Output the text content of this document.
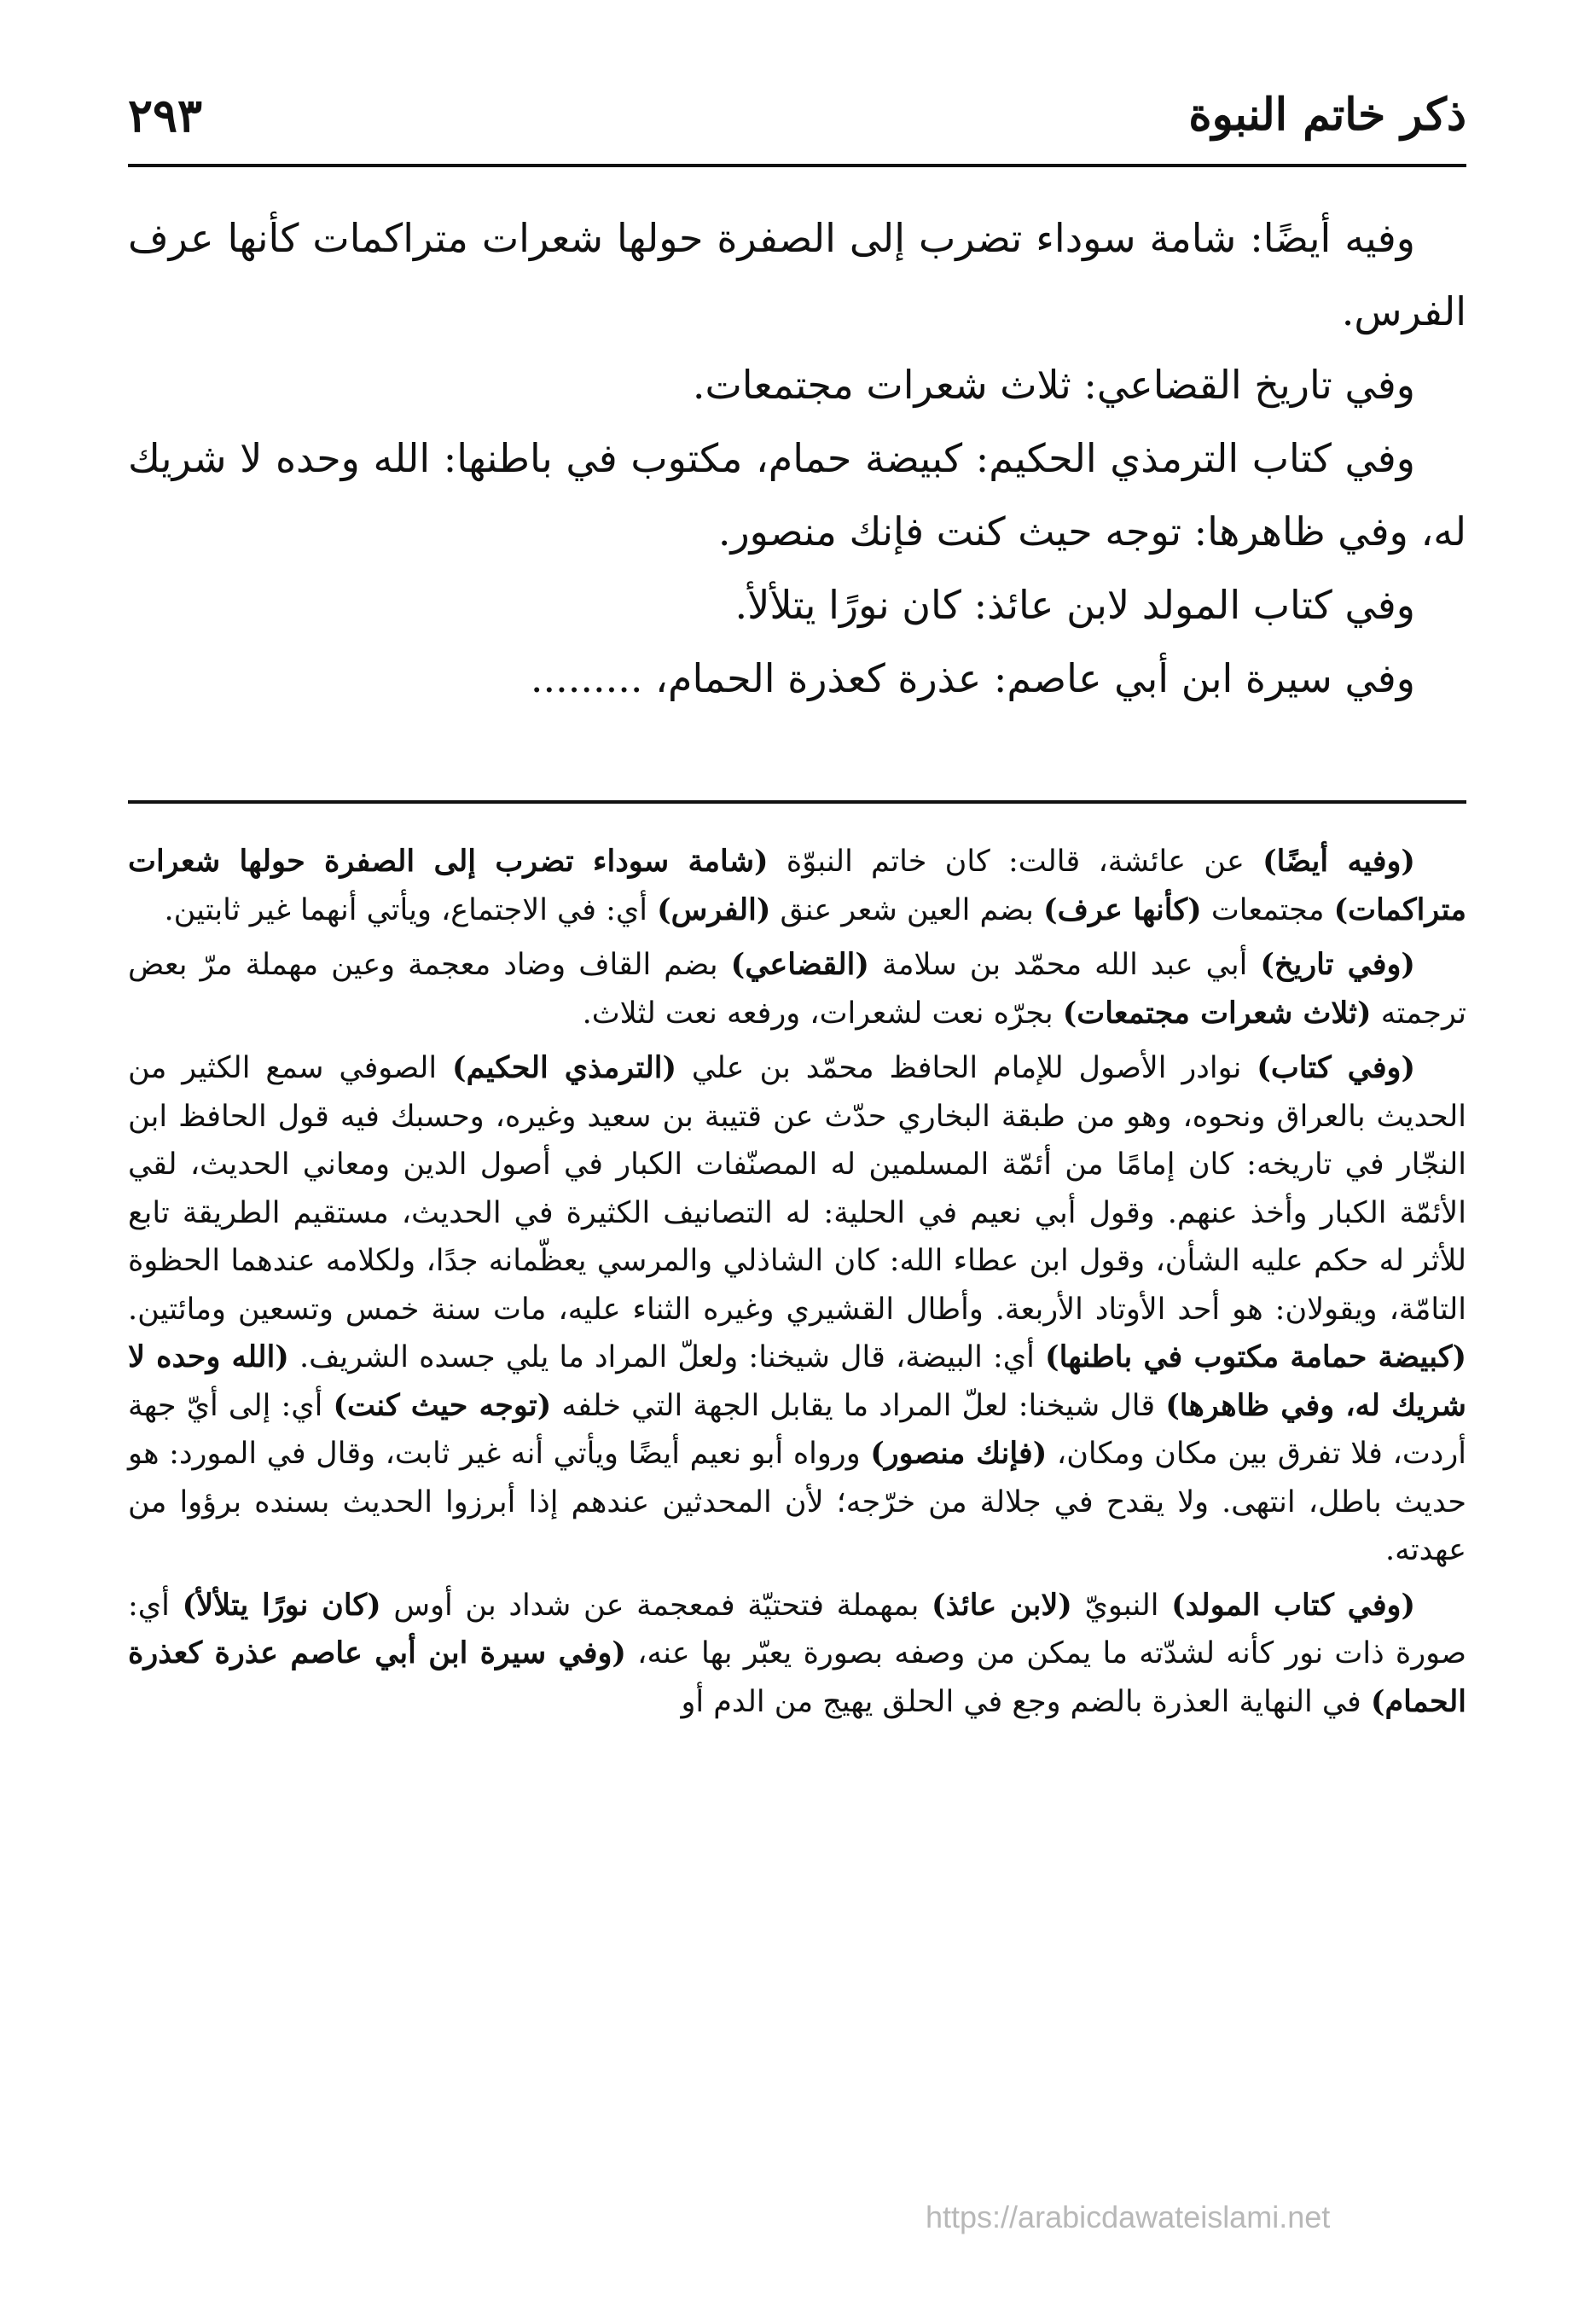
ذكر خاتم النبوة
٢٩٣

وفيه أيضًا: شامة سوداء تضرب إلى الصفرة حولها شعرات متراكمات كأنها عرف الفرس.

وفي تاريخ القضاعي: ثلاث شعرات مجتمعات.

وفي كتاب الترمذي الحكيم: كبيضة حمام، مكتوب في باطنها: الله وحده لا شريك له، وفي ظاهرها: توجه حيث كنت فإنك منصور.

وفي كتاب المولد لابن عائذ: كان نورًا يتلألأ.

وفي سيرة ابن أبي عاصم: عذرة كعذرة الحمام، .........

(وفيه أيضًا) عن عائشة، قالت: كان خاتم النبوّة (شامة سوداء تضرب إلى الصفرة حولها شعرات متراكمات) مجتمعات (كأنها عرف) بضم العين شعر عنق (الفرس) أي: في الاجتماع، ويأتي أنهما غير ثابتين.

(وفي تاريخ) أبي عبد الله محمّد بن سلامة (القضاعي) بضم القاف وضاد معجمة وعين مهملة مرّ بعض ترجمته (ثلاث شعرات مجتمعات) بجرّه نعت لشعرات، ورفعه نعت لثلاث.

(وفي كتاب) نوادر الأصول للإمام الحافظ محمّد بن علي (الترمذي الحكيم) الصوفي سمع الكثير من الحديث بالعراق ونحوه، وهو من طبقة البخاري حدّث عن قتيبة بن سعيد وغيره، وحسبك فيه قول الحافظ ابن النجّار في تاريخه: كان إمامًا من أئمّة المسلمين له المصنّفات الكبار في أصول الدين ومعاني الحديث، لقي الأئمّة الكبار وأخذ عنهم. وقول أبي نعيم في الحلية: له التصانيف الكثيرة في الحديث، مستقيم الطريقة تابع للأثر له حكم عليه الشأن، وقول ابن عطاء الله: كان الشاذلي والمرسي يعظّمانه جدًا، ولكلامه عندهما الحظوة التامّة، ويقولان: هو أحد الأوتاد الأربعة. وأطال القشيري وغيره الثناء عليه، مات سنة خمس وتسعين ومائتين. (كبيضة حمامة مكتوب في باطنها) أي: البيضة، قال شيخنا: ولعلّ المراد ما يلي جسده الشريف. (الله وحده لا شريك له، وفي ظاهرها) قال شيخنا: لعلّ المراد ما يقابل الجهة التي خلفه (توجه حيث كنت) أي: إلى أيّ جهة أردت، فلا تفرق بين مكان ومكان، (فإنك منصور) ورواه أبو نعيم أيضًا ويأتي أنه غير ثابت، وقال في المورد: هو حديث باطل، انتهى. ولا يقدح في جلالة من خرّجه؛ لأن المحدثين عندهم إذا أبرزوا الحديث بسنده برؤوا من عهدته.

(وفي كتاب المولد) النبويّ (لابن عائذ) بمهملة فتحتيّة فمعجمة عن شداد بن أوس (كان نورًا يتلألأ) أي: صورة ذات نور كأنه لشدّته ما يمكن من وصفه بصورة يعبّر بها عنه، (وفي سيرة ابن أبي عاصم عذرة كعذرة الحمام) في النهاية العذرة بالضم وجع في الحلق يهيج من الدم أو

https://arabicdawateislami.net
